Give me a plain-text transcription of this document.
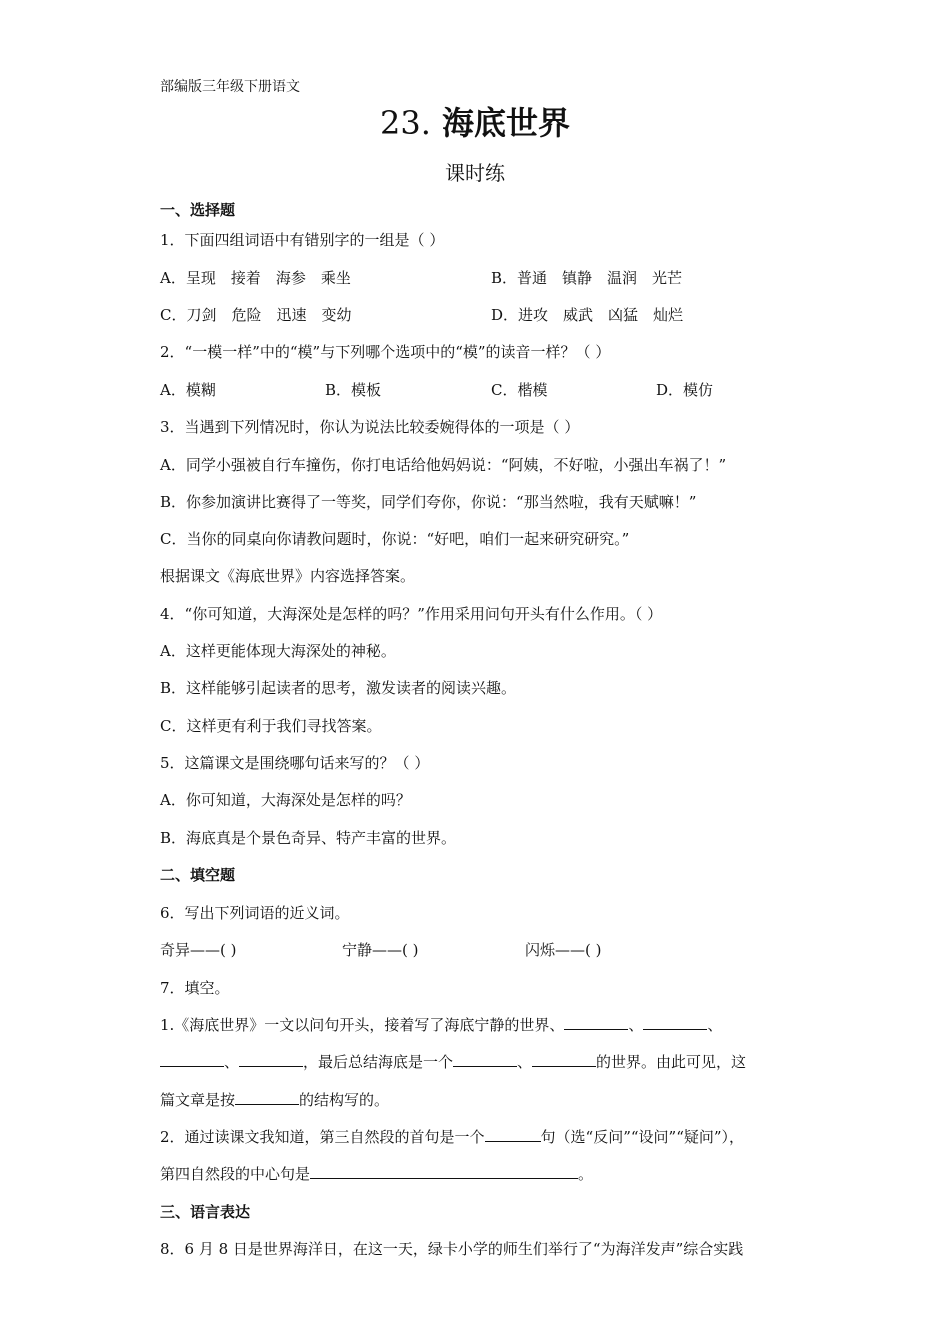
部编版三年级下册语文
23. 海底世界
课时练
一、选择题
1．下面四组词语中有错别字的一组是（ ）
A．呈现　接着　海参　乘坐	B．普通　镇静　温润　光芒
C．刀剑　危险　迅速　变幼	D．进攻　威武　凶猛　灿烂
2．“一模一样”中的“模”与下列哪个选项中的“模”的读音一样？（ ）
A．模糊	B．模板	C．楷模	D．模仿
3．当遇到下列情况时，你认为说法比较委婉得体的一项是（ ）
A．同学小强被自行车撞伤，你打电话给他妈妈说：“阿姨，不好啦，小强出车祸了！”
B．你参加演讲比赛得了一等奖，同学们夸你，你说：“那当然啦，我有天赋嘛！”
C．当你的同桌向你请教问题时，你说：“好吧，咱们一起来研究研究。”
根据课文《海底世界》内容选择答案。
4．“你可知道，大海深处是怎样的吗？”作用采用问句开头有什么作用。（ ）
A．这样更能体现大海深处的神秘。
B．这样能够引起读者的思考，激发读者的阅读兴趣。
C．这样更有利于我们寻找答案。
5．这篇课文是围绕哪句话来写的？（ ）
A．你可知道，大海深处是怎样的吗？
B．海底真是个景色奇异、特产丰富的世界。
二、填空题
6．写出下列词语的近义词。
奇异——( )	宁静——( )	闪烁——( )
7．填空。
1.《海底世界》一文以问句开头，接着写了海底宁静的世界、	、	、
、	，最后总结海底是一个	、	的世界。由此可见，这
篇文章是按	的结构写的。
2．通过读课文我知道，第三自然段的首句是一个	句（选“反问”“设问”“疑问”），
第四自然段的中心句是	。
三、语言表达
8．6 月 8 日是世界海洋日，在这一天，绿卡小学的师生们举行了“为海洋发声”综合实践
